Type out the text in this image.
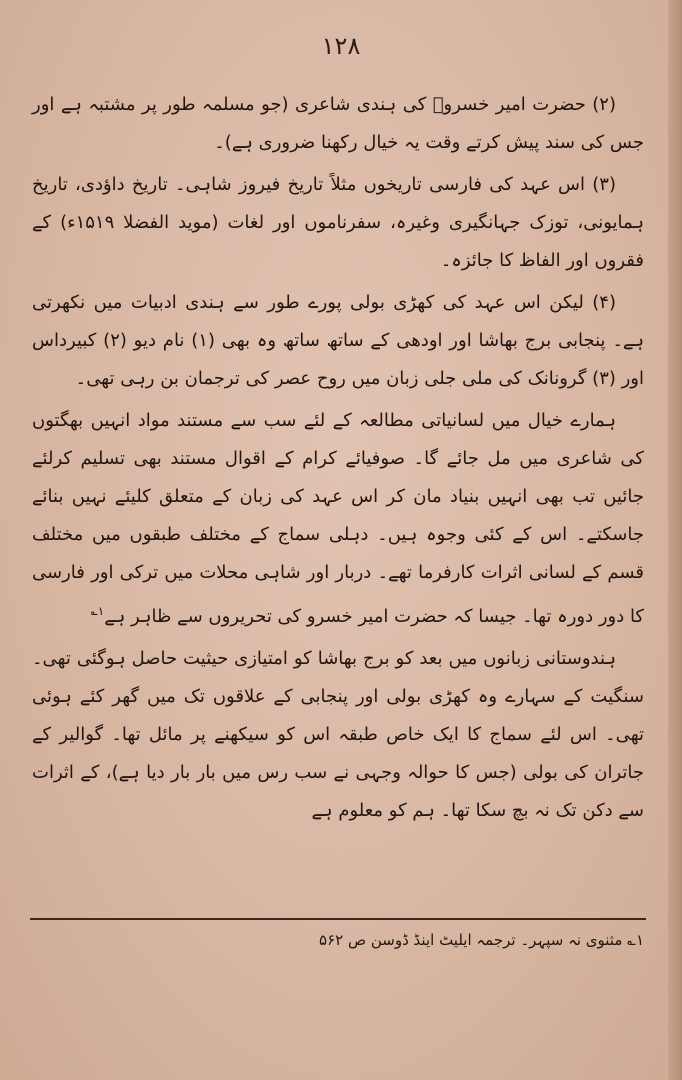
۱۲۸

(۲) حضرت امیر خسروؒ کی ہندی شاعری (جو مسلمہ طور پر مشتبہ ہے اور جس کی سند پیش کرتے وقت یہ خیال رکھنا ضروری ہے)۔

(۳) اس عہد کی فارسی تاریخوں مثلاً تاریخ فیروز شاہی۔ تاریخ داؤدی، تاریخ ہمایونی، توزک جہانگیری وغیرہ، سفرناموں اور لغات (موید الفضلا ۱۵۱۹ء) کے فقروں اور الفاظ کا جائزہ۔

(۴) لیکن اس عہد کی کھڑی بولی پورے طور سے ہندی ادبیات میں نکھرتی ہے۔ پنجابی برج بھاشا اور اودھی کے ساتھ ساتھ وہ بھی (۱) نام دیو (۲) کبیرداس اور (۳) گرونانک کی ملی جلی زبان میں روح عصر کی ترجمان بن رہی تھی۔

ہمارے خیال میں لسانیاتی مطالعہ کے لئے سب سے مستند مواد انہیں بھگتوں کی شاعری میں مل جائے گا۔ صوفیائے کرام کے اقوال مستند بھی تسلیم کرلئے جائیں تب بھی انہیں بنیاد مان کر اس عہد کی زبان کے متعلق کلیئے نہیں بنائے جاسکتے۔ اس کے کئی وجوہ ہیں۔ دہلی سماج کے مختلف طبقوں میں مختلف قسم کے لسانی اثرات کارفرما تھے۔ دربار اور شاہی محلات میں ترکی اور فارسی کا دور دورہ تھا۔ جیسا کہ حضرت امیر خسرو کی تحریروں سے ظاہر ہے$^{۱؎}$

ہندوستانی زبانوں میں بعد کو برج بھاشا کو امتیازی حیثیت حاصل ہوگئی تھی۔ سنگیت کے سہارے وہ کھڑی بولی اور پنجابی کے علاقوں تک میں گھر کئے ہوئی تھی۔ اس لئے سماج کا ایک خاص طبقہ اس کو سیکھنے پر مائل تھا۔ گوالیر کے جاتران کی بولی (جس کا حوالہ وجہی نے سب رس میں بار بار دیا ہے)، کے اثرات سے دکن تک نہ بچ سکا تھا۔ ہم کو معلوم ہے

۱؎ مثنوی نہ سپہر۔ ترجمہ ایلیٹ اینڈ ڈوسن ص ۵۶۲
